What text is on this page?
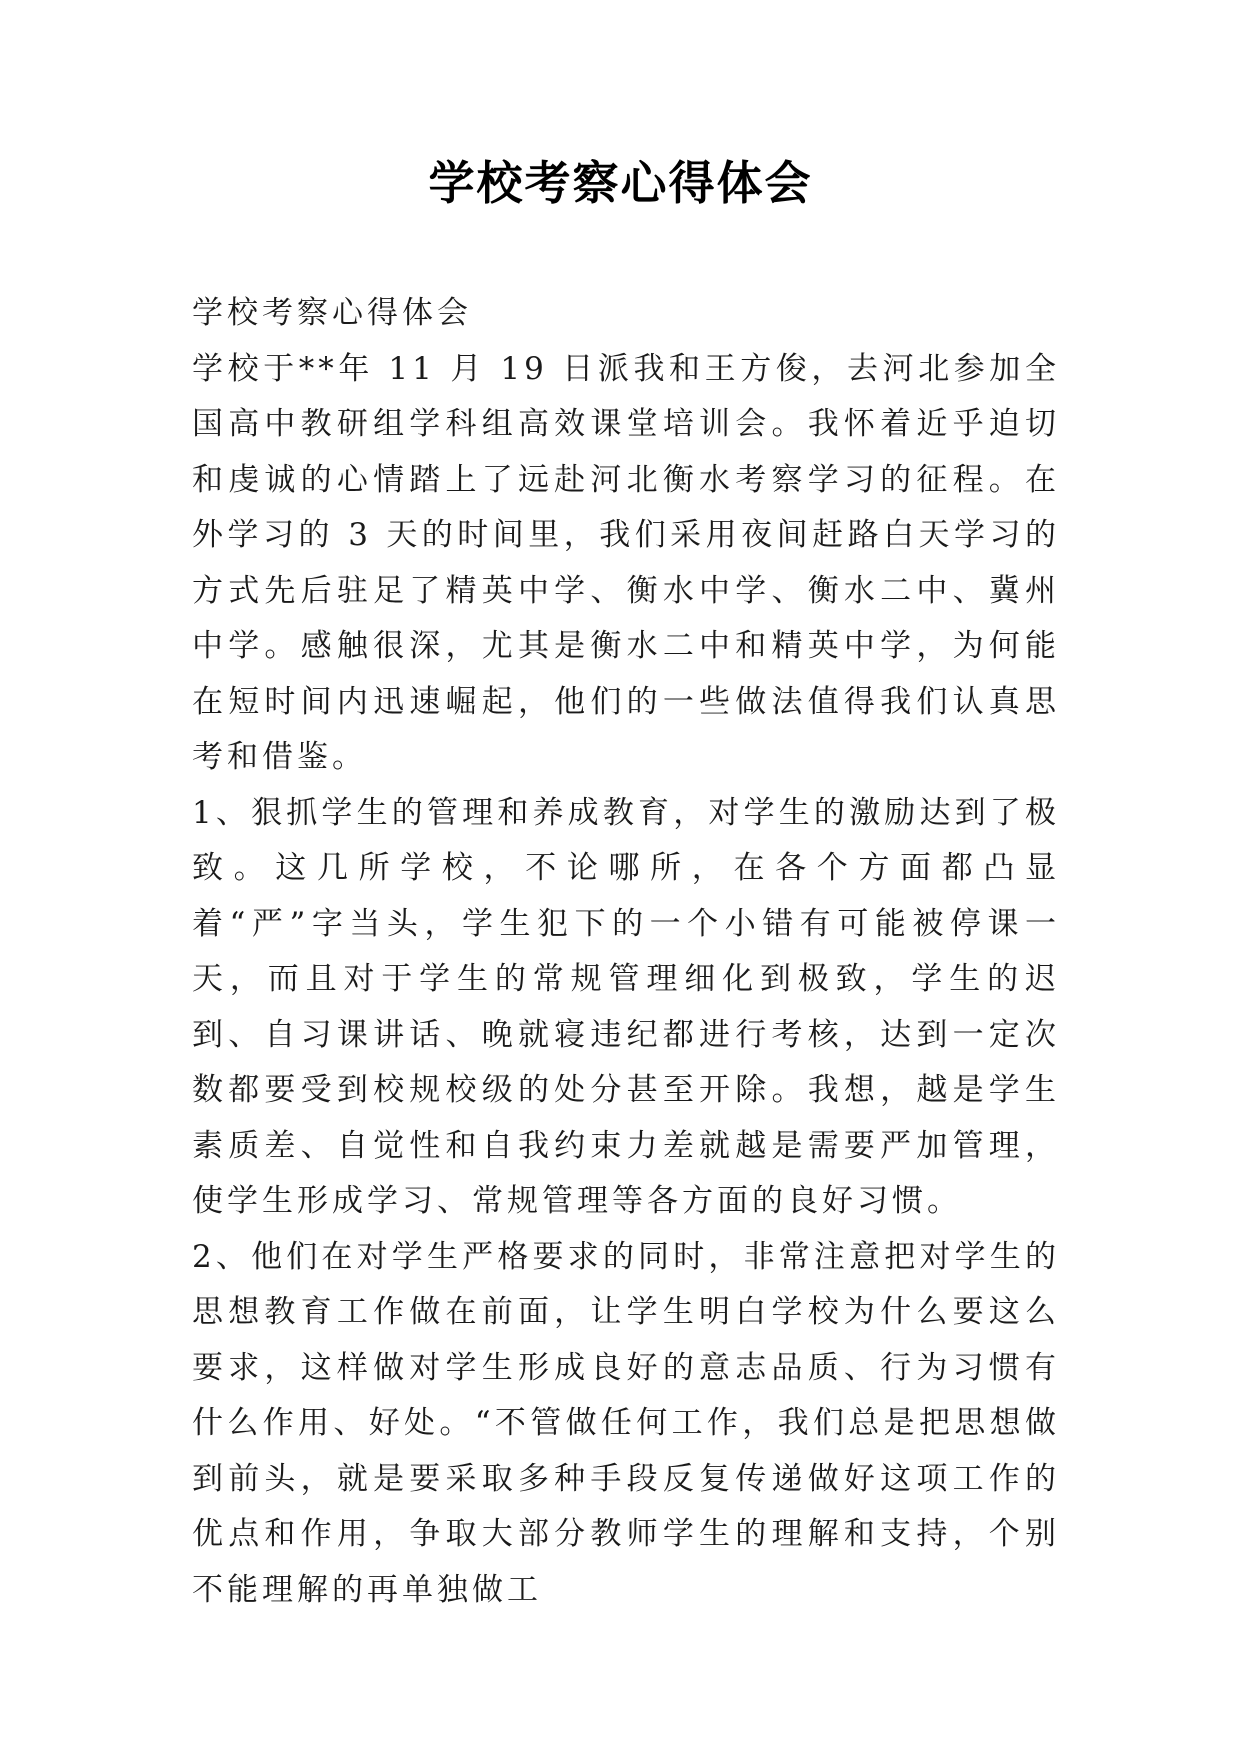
学校考察心得体会

学校考察心得体会

学校于**年 11 月 19 日派我和王方俊，去河北参加全国高中教研组学科组高效课堂培训会。我怀着近乎迫切和虔诚的心情踏上了远赴河北衡水考察学习的征程。在外学习的 3 天的时间里，我们采用夜间赶路白天学习的方式先后驻足了精英中学、衡水中学、衡水二中、冀州中学。感触很深，尤其是衡水二中和精英中学，为何能在短时间内迅速崛起，他们的一些做法值得我们认真思考和借鉴。

1、狠抓学生的管理和养成教育，对学生的激励达到了极致。这几所学校，不论哪所，在各个方面都凸显着“严”字当头，学生犯下的一个小错有可能被停课一天，而且对于学生的常规管理细化到极致，学生的迟到、自习课讲话、晚就寝违纪都进行考核，达到一定次数都要受到校规校级的处分甚至开除。我想，越是学生素质差、自觉性和自我约束力差就越是需要严加管理，使学生形成学习、常规管理等各方面的良好习惯。

2、他们在对学生严格要求的同时，非常注意把对学生的思想教育工作做在前面，让学生明白学校为什么要这么要求，这样做对学生形成良好的意志品质、行为习惯有什么作用、好处。“不管做任何工作，我们总是把思想做到前头，就是要采取多种手段反复传递做好这项工作的优点和作用，争取大部分教师学生的理解和支持，个别不能理解的再单独做工
